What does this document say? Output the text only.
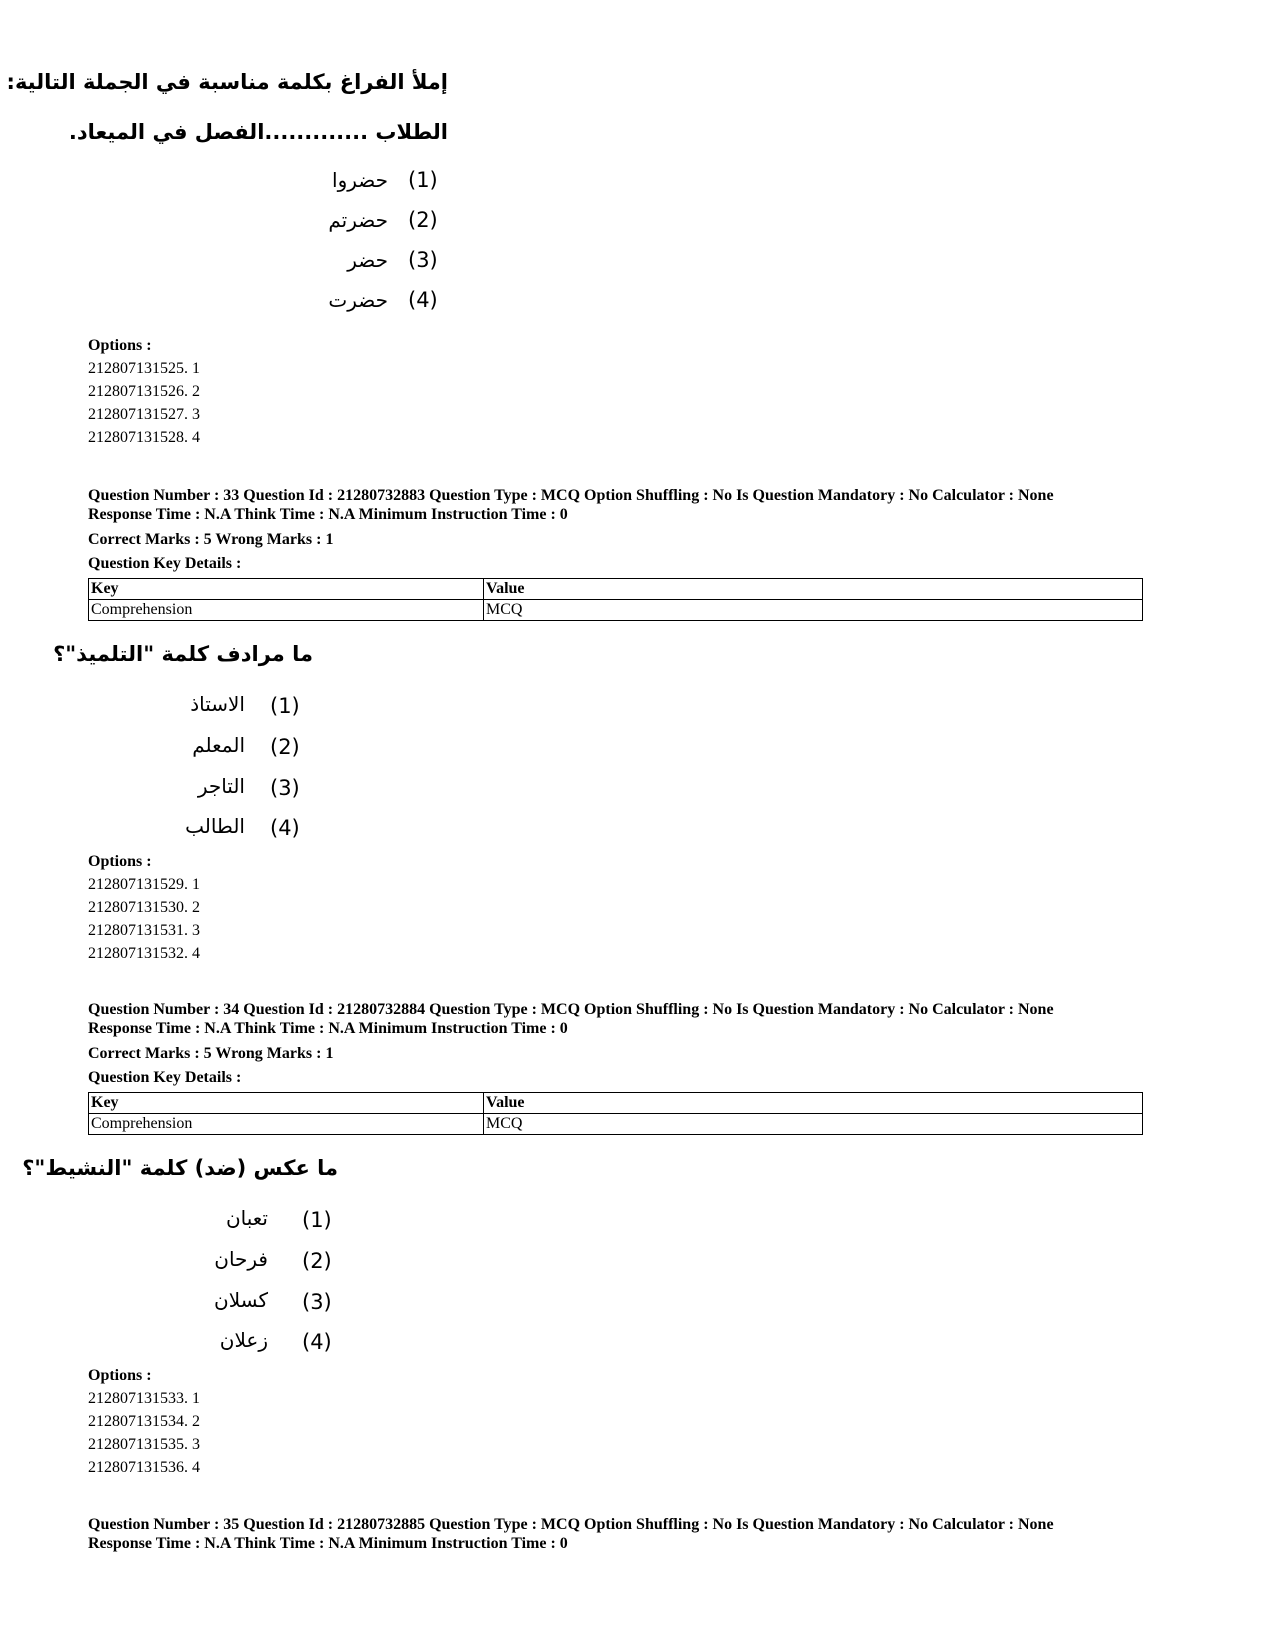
إملأ الفراغ بكلمة مناسبة في الجملة التالية:
الطلاب .............الفصل في الميعاد.
(1)
حضروا
(2)
حضرتم
(3)
حضر
(4)
حضرت
Options :
212807131525. 1
212807131526. 2
212807131527. 3
212807131528. 4
Question Number : 33 Question Id : 21280732883 Question Type : MCQ Option Shuffling : No Is Question Mandatory : No Calculator : None
Response Time : N.A Think Time : N.A Minimum Instruction Time : 0
Correct Marks : 5 Wrong Marks : 1
Question Key Details :
Key	Value
Comprehension	MCQ
ما مرادف كلمة "التلميذ"؟
(1)
الاستاذ
(2)
المعلم
(3)
التاجر
(4)
الطالب
Options :
212807131529. 1
212807131530. 2
212807131531. 3
212807131532. 4
Question Number : 34 Question Id : 21280732884 Question Type : MCQ Option Shuffling : No Is Question Mandatory : No Calculator : None
Response Time : N.A Think Time : N.A Minimum Instruction Time : 0
Correct Marks : 5 Wrong Marks : 1
Question Key Details :
Key	Value
Comprehension	MCQ
ما عكس (ضد) كلمة "النشيط"؟
(1)
تعبان
(2)
فرحان
(3)
كسلان
(4)
زعلان
Options :
212807131533. 1
212807131534. 2
212807131535. 3
212807131536. 4
Question Number : 35 Question Id : 21280732885 Question Type : MCQ Option Shuffling : No Is Question Mandatory : No Calculator : None
Response Time : N.A Think Time : N.A Minimum Instruction Time : 0
